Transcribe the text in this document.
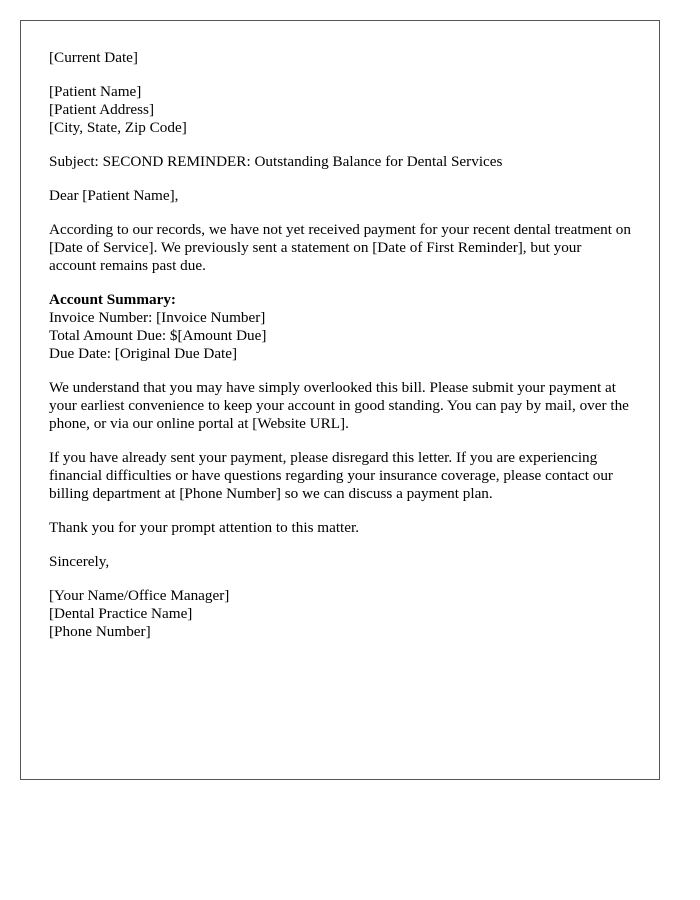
[Current Date]
[Patient Name]
[Patient Address]
[City, State, Zip Code]
Subject: SECOND REMINDER: Outstanding Balance for Dental Services
Dear [Patient Name],

According to our records, we have not yet received payment for your recent dental treatment on [Date of Service]. We previously sent a statement on [Date of First Reminder], but your account remains past due.

Account Summary:
Invoice Number: [Invoice Number]
Total Amount Due: $[Amount Due]
Due Date: [Original Due Date]

We understand that you may have simply overlooked this bill. Please submit your payment at your earliest convenience to keep your account in good standing. You can pay by mail, over the phone, or via our online portal at [Website URL].

If you have already sent your payment, please disregard this letter. If you are experiencing financial difficulties or have questions regarding your insurance coverage, please contact our billing department at [Phone Number] so we can discuss a payment plan.

Thank you for your prompt attention to this matter.

Sincerely,
[Your Name/Office Manager]
[Dental Practice Name]
[Phone Number]
